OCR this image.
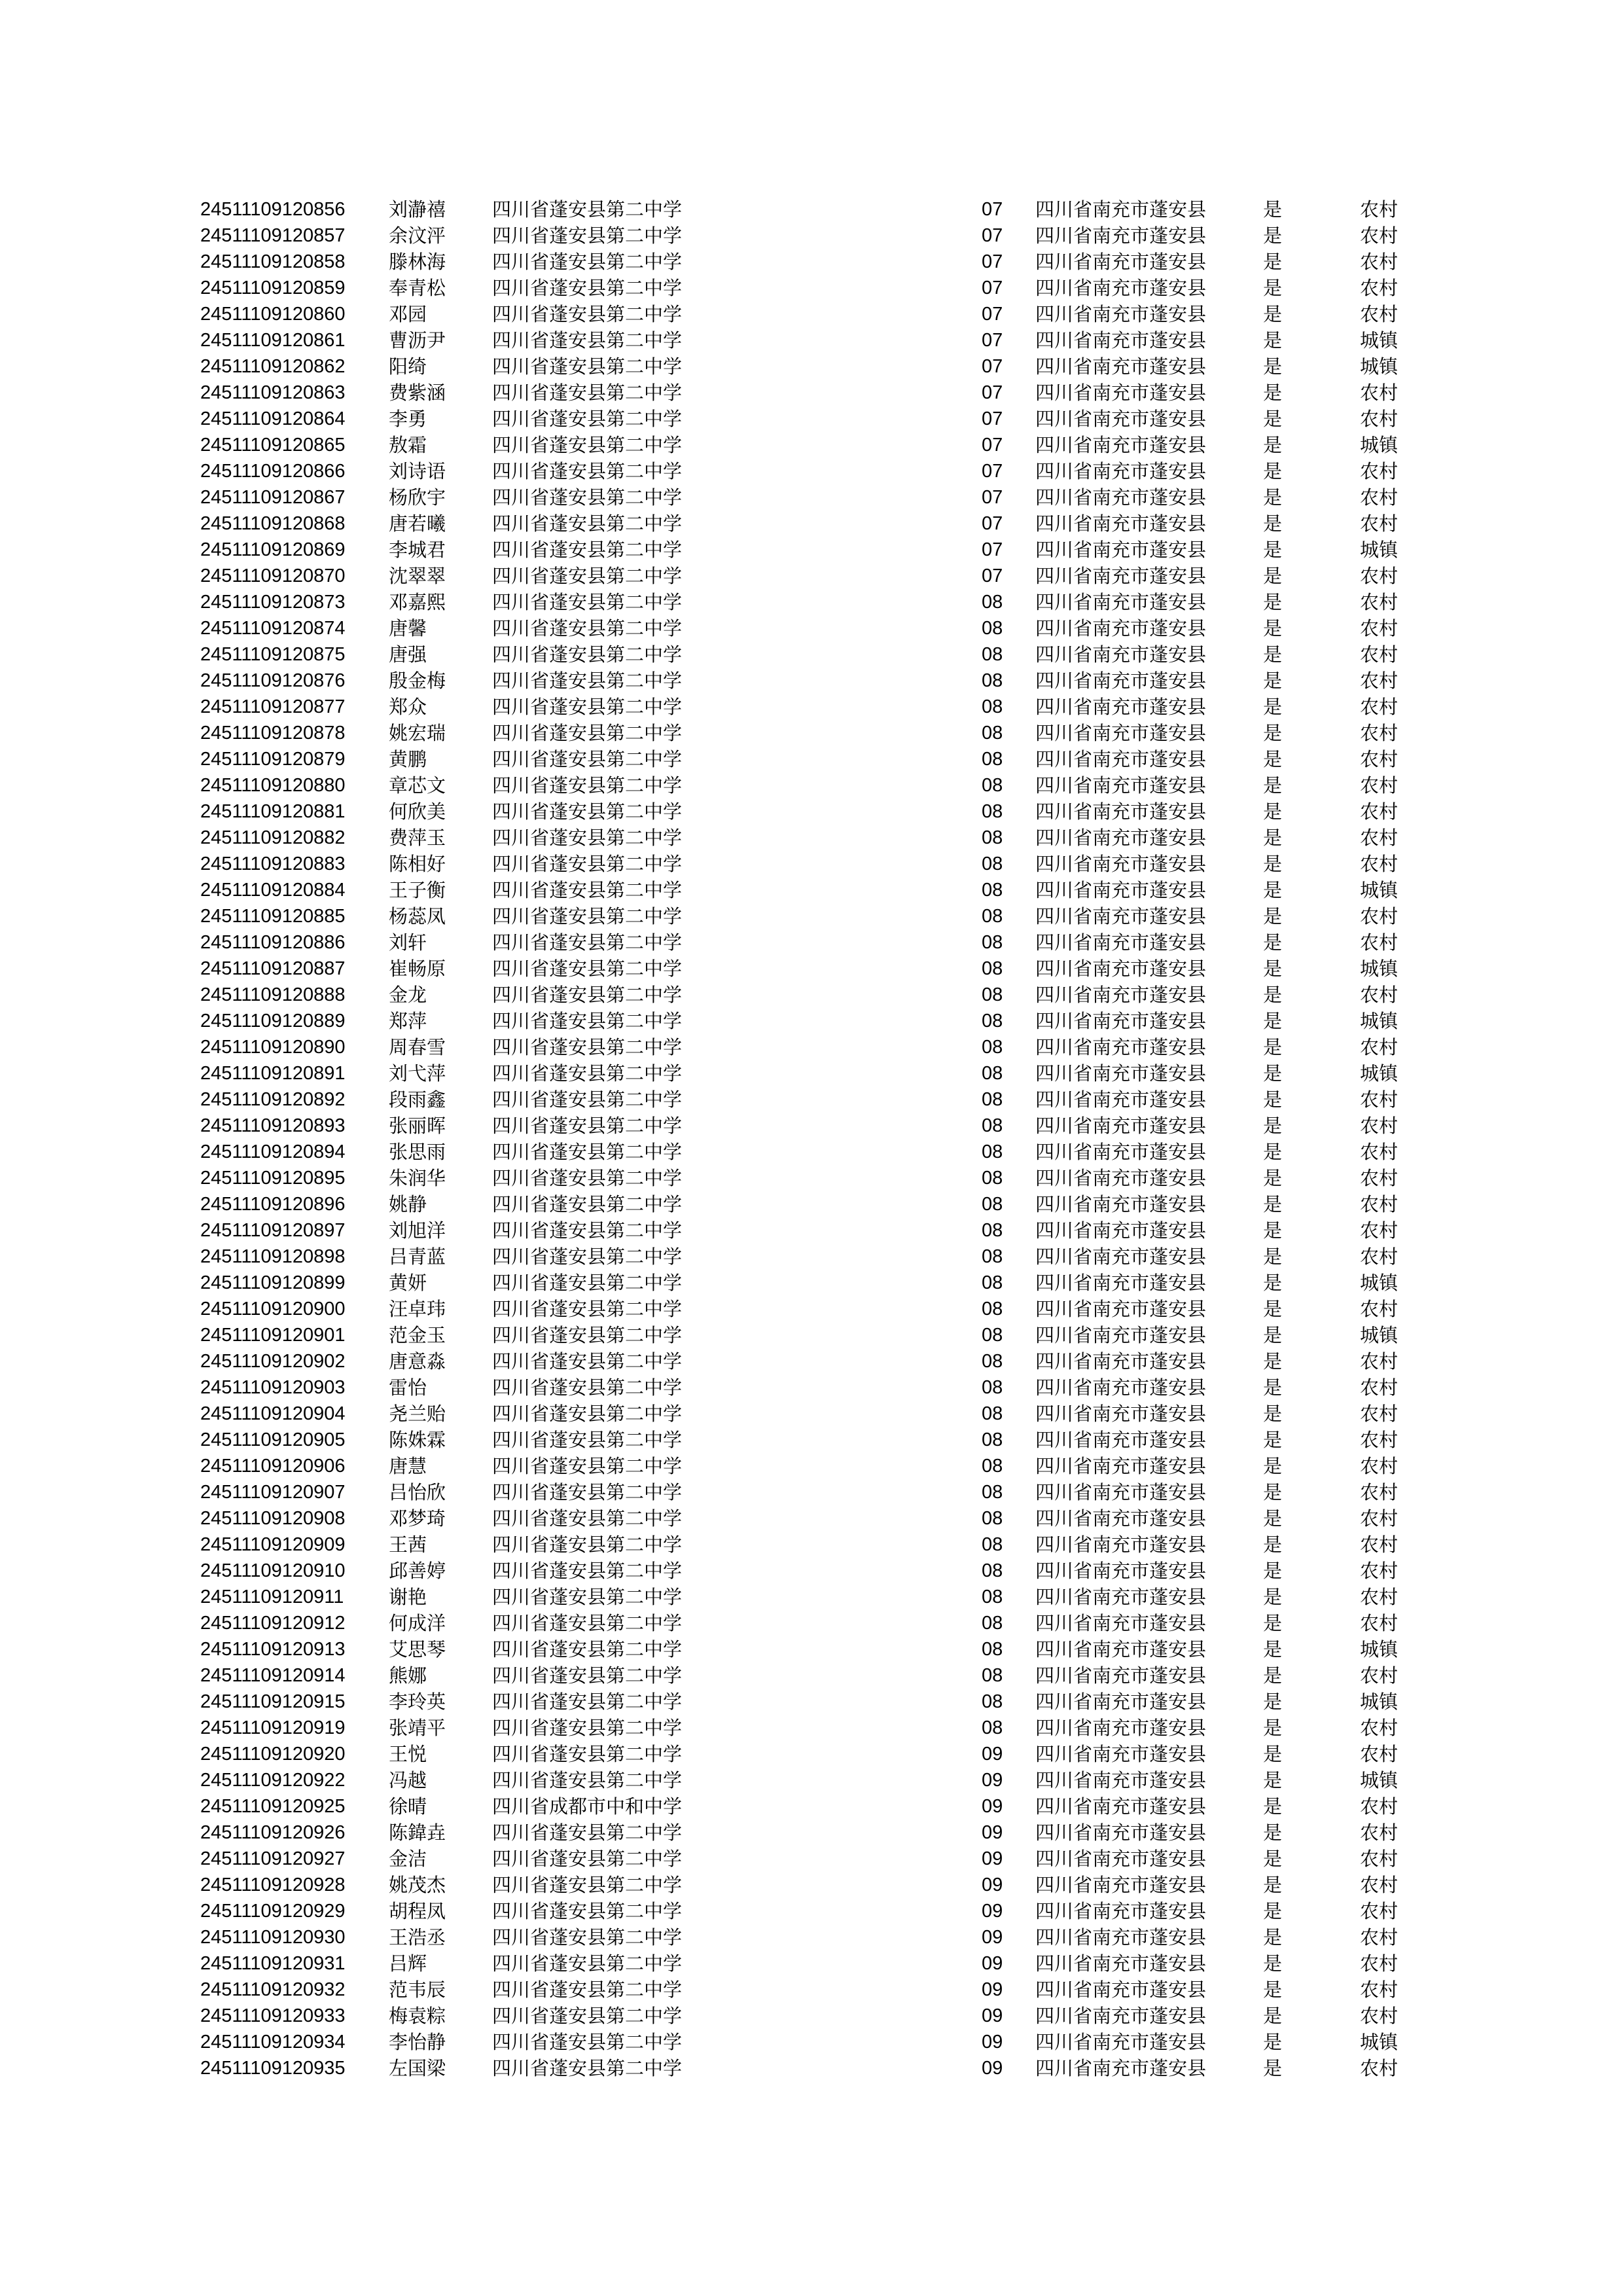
24511109120856 刘瀞禧 四川省蓬安县第二中学	07 四川省南充市蓬安县	是	农村
24511109120857 余汶泙 四川省蓬安县第二中学	07 四川省南充市蓬安县	是	农村
24511109120858 滕林海 四川省蓬安县第二中学	07 四川省南充市蓬安县	是	农村
24511109120859 奉青松 四川省蓬安县第二中学	07 四川省南充市蓬安县	是	农村
24511109120860 邓园	四川省蓬安县第二中学	07 四川省南充市蓬安县	是	农村
24511109120861 曹沥尹 四川省蓬安县第二中学	07 四川省南充市蓬安县	是	城镇
24511109120862 阳绮	四川省蓬安县第二中学	07 四川省南充市蓬安县	是	城镇
24511109120863 费紫涵 四川省蓬安县第二中学	07 四川省南充市蓬安县	是	农村
24511109120864 李勇	四川省蓬安县第二中学	07 四川省南充市蓬安县	是	农村
24511109120865 敖霜	四川省蓬安县第二中学	07 四川省南充市蓬安县	是	城镇
24511109120866 刘诗语 四川省蓬安县第二中学	07 四川省南充市蓬安县	是	农村
24511109120867 杨欣宇 四川省蓬安县第二中学	07 四川省南充市蓬安县	是	农村
24511109120868 唐若曦 四川省蓬安县第二中学	07 四川省南充市蓬安县	是	农村
24511109120869 李城君 四川省蓬安县第二中学	07 四川省南充市蓬安县	是	城镇
24511109120870 沈翠翠 四川省蓬安县第二中学	07 四川省南充市蓬安县	是	农村
24511109120873 邓嘉熙 四川省蓬安县第二中学	08 四川省南充市蓬安县	是	农村
24511109120874 唐馨	四川省蓬安县第二中学	08 四川省南充市蓬安县	是	农村
24511109120875 唐强	四川省蓬安县第二中学	08 四川省南充市蓬安县	是	农村
24511109120876 殷金梅 四川省蓬安县第二中学	08 四川省南充市蓬安县	是	农村
24511109120877 郑众	四川省蓬安县第二中学	08 四川省南充市蓬安县	是	农村
24511109120878 姚宏瑞 四川省蓬安县第二中学	08 四川省南充市蓬安县	是	农村
24511109120879 黄鹏	四川省蓬安县第二中学	08 四川省南充市蓬安县	是	农村
24511109120880 章芯文 四川省蓬安县第二中学	08 四川省南充市蓬安县	是	农村
24511109120881 何欣美 四川省蓬安县第二中学	08 四川省南充市蓬安县	是	农村
24511109120882 费萍玉 四川省蓬安县第二中学	08 四川省南充市蓬安县	是	农村
24511109120883 陈相好 四川省蓬安县第二中学	08 四川省南充市蓬安县	是	农村
24511109120884 王子衡 四川省蓬安县第二中学	08 四川省南充市蓬安县	是	城镇
24511109120885 杨蕊凤 四川省蓬安县第二中学	08 四川省南充市蓬安县	是	农村
24511109120886 刘轩	四川省蓬安县第二中学	08 四川省南充市蓬安县	是	农村
24511109120887 崔畅原 四川省蓬安县第二中学	08 四川省南充市蓬安县	是	城镇
24511109120888 金龙	四川省蓬安县第二中学	08 四川省南充市蓬安县	是	农村
24511109120889 郑萍	四川省蓬安县第二中学	08 四川省南充市蓬安县	是	城镇
24511109120890 周春雪 四川省蓬安县第二中学	08 四川省南充市蓬安县	是	农村
24511109120891 刘弋萍 四川省蓬安县第二中学	08 四川省南充市蓬安县	是	城镇
24511109120892 段雨鑫 四川省蓬安县第二中学	08 四川省南充市蓬安县	是	农村
24511109120893 张丽晖 四川省蓬安县第二中学	08 四川省南充市蓬安县	是	农村
24511109120894 张思雨 四川省蓬安县第二中学	08 四川省南充市蓬安县	是	农村
24511109120895 朱润华 四川省蓬安县第二中学	08 四川省南充市蓬安县	是	农村
24511109120896 姚静	四川省蓬安县第二中学	08 四川省南充市蓬安县	是	农村
24511109120897 刘旭洋 四川省蓬安县第二中学	08 四川省南充市蓬安县	是	农村
24511109120898 吕青蓝 四川省蓬安县第二中学	08 四川省南充市蓬安县	是	农村
24511109120899 黄妍	四川省蓬安县第二中学	08 四川省南充市蓬安县	是	城镇
24511109120900 汪卓玮 四川省蓬安县第二中学	08 四川省南充市蓬安县	是	农村
24511109120901 范金玉 四川省蓬安县第二中学	08 四川省南充市蓬安县	是	城镇
24511109120902 唐意淼 四川省蓬安县第二中学	08 四川省南充市蓬安县	是	农村
24511109120903 雷怡	四川省蓬安县第二中学	08 四川省南充市蓬安县	是	农村
24511109120904 尧兰贻 四川省蓬安县第二中学	08 四川省南充市蓬安县	是	农村
24511109120905 陈姝霖 四川省蓬安县第二中学	08 四川省南充市蓬安县	是	农村
24511109120906 唐慧	四川省蓬安县第二中学	08 四川省南充市蓬安县	是	农村
24511109120907 吕怡欣 四川省蓬安县第二中学	08 四川省南充市蓬安县	是	农村
24511109120908 邓梦琦 四川省蓬安县第二中学	08 四川省南充市蓬安县	是	农村
24511109120909 王茜	四川省蓬安县第二中学	08 四川省南充市蓬安县	是	农村
24511109120910 邱善婷 四川省蓬安县第二中学	08 四川省南充市蓬安县	是	农村
24511109120911 谢艳	四川省蓬安县第二中学	08 四川省南充市蓬安县	是	农村
24511109120912 何成洋 四川省蓬安县第二中学	08 四川省南充市蓬安县	是	农村
24511109120913 艾思琴 四川省蓬安县第二中学	08 四川省南充市蓬安县	是	城镇
24511109120914 熊娜	四川省蓬安县第二中学	08 四川省南充市蓬安县	是	农村
24511109120915 李玲英 四川省蓬安县第二中学	08 四川省南充市蓬安县	是	城镇
24511109120919 张靖平 四川省蓬安县第二中学	08 四川省南充市蓬安县	是	农村
24511109120920 王悦	四川省蓬安县第二中学	09 四川省南充市蓬安县	是	农村
24511109120922 冯越	四川省蓬安县第二中学	09 四川省南充市蓬安县	是	城镇
24511109120925 徐晴	四川省成都市中和中学	09 四川省南充市蓬安县	是	农村
24511109120926 陈鍏垚 四川省蓬安县第二中学	09 四川省南充市蓬安县	是	农村
24511109120927 金洁	四川省蓬安县第二中学	09 四川省南充市蓬安县	是	农村
24511109120928 姚茂杰 四川省蓬安县第二中学	09 四川省南充市蓬安县	是	农村
24511109120929 胡程凤 四川省蓬安县第二中学	09 四川省南充市蓬安县	是	农村
24511109120930 王浩丞 四川省蓬安县第二中学	09 四川省南充市蓬安县	是	农村
24511109120931 吕辉	四川省蓬安县第二中学	09 四川省南充市蓬安县	是	农村
24511109120932 范韦辰 四川省蓬安县第二中学	09 四川省南充市蓬安县	是	农村
24511109120933 梅袁粽 四川省蓬安县第二中学	09 四川省南充市蓬安县	是	农村
24511109120934 李怡静 四川省蓬安县第二中学	09 四川省南充市蓬安县	是	城镇
24511109120935 左国梁 四川省蓬安县第二中学	09 四川省南充市蓬安县	是	农村
